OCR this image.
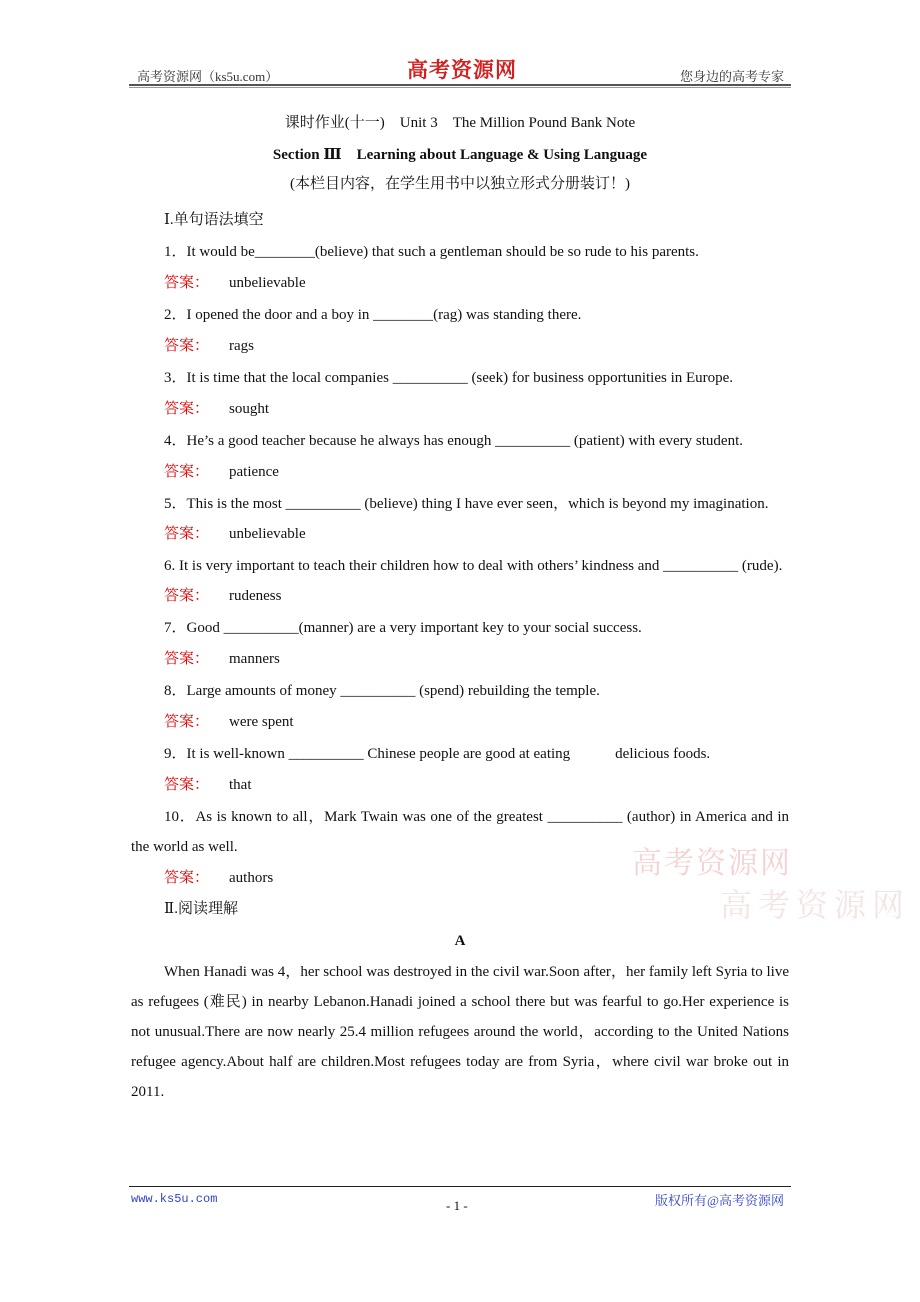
高考资源网（ks5u.com）	高考资源网	您身边的高考专家
课时作业(十一)　Unit 3　The Million Pound Bank Note
Section Ⅲ　Learning about Language & Using Language
(本栏目内容，在学生用书中以独立形式分册装订！)
Ⅰ.单句语法填空
1．It would be________(believe) that such a gentleman should be so rude to his parents.
答案： unbelievable
2．I opened the door and a boy in ________(rag) was standing there.
答案： rags
3．It is time that the local companies __________ (seek) for business opportunities in Europe.
答案： sought
4．He’s a good teacher because he always has enough __________ (patient) with every student.
答案： patience
5．This is the most __________ (believe) thing I have ever seen，which is beyond my imagination.
答案： unbelievable
6. It is very important to teach their children how to deal with others’ kindness and __________ (rude).
答案： rudeness
7．Good __________(manner) are a very important key to your social success.
答案： manners
8．Large amounts of money __________ (spend) rebuilding the temple.
答案： were spent
9．It is well-known __________ Chinese people are good at eating　　　delicious foods.
答案： that
10．As is known to all，Mark Twain was one of the greatest __________ (author) in America and in the world as well.
答案： authors
Ⅱ.阅读理解
A

When Hanadi was 4，her school was destroyed in the civil war.Soon after，her family left Syria to live as refugees (难民) in nearby Lebanon.Hanadi joined a school there but was fearful to go.Her experience is not unusual.There are now nearly 25.4 million refugees around the world，according to the United Nations refugee agency.About half are children.Most refugees today are from Syria，where civil war broke out in 2011.

高考资源网
高考资源网
www.ks5u.com	- 1 -	版权所有@高考资源网
